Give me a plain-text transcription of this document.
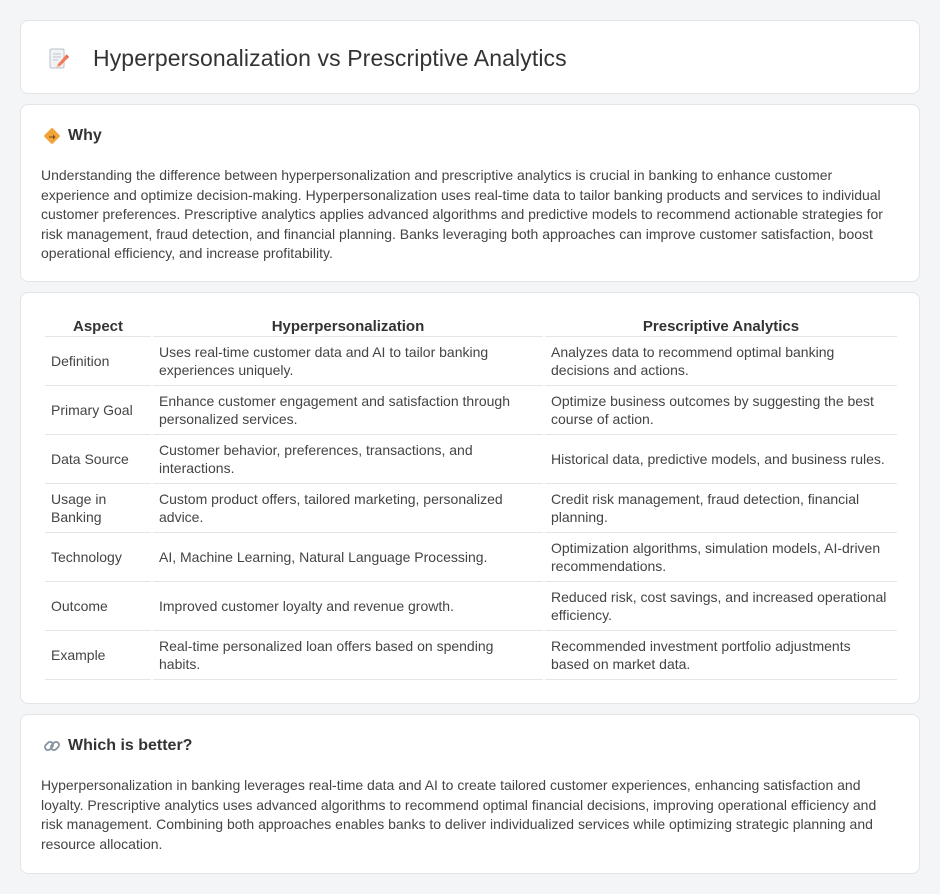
Hyperpersonalization vs Prescriptive Analytics
Why

Understanding the difference between hyperpersonalization and prescriptive analytics is crucial in banking to enhance customer experience and optimize decision-making. Hyperpersonalization uses real-time data to tailor banking products and services to individual customer preferences. Prescriptive analytics applies advanced algorithms and predictive models to recommend actionable strategies for risk management, fraud detection, and financial planning. Banks leveraging both approaches can improve customer satisfaction, boost operational efficiency, and increase profitability.

Aspect	Hyperpersonalization	Prescriptive Analytics
Definition	Uses real-time customer data and AI to tailor banking experiences uniquely.	Analyzes data to recommend optimal banking decisions and actions.
Primary Goal	Enhance customer engagement and satisfaction through personalized services.	Optimize business outcomes by suggesting the best course of action.
Data Source	Customer behavior, preferences, transactions, and interactions.	Historical data, predictive models, and business rules.
Usage in Banking	Custom product offers, tailored marketing, personalized advice.	Credit risk management, fraud detection, financial planning.
Technology	AI, Machine Learning, Natural Language Processing.	Optimization algorithms, simulation models, AI-driven recommendations.
Outcome	Improved customer loyalty and revenue growth.	Reduced risk, cost savings, and increased operational efficiency.
Example	Real-time personalized loan offers based on spending habits.	Recommended investment portfolio adjustments based on market data.
Which is better?

Hyperpersonalization in banking leverages real-time data and AI to create tailored customer experiences, enhancing satisfaction and loyalty. Prescriptive analytics uses advanced algorithms to recommend optimal financial decisions, improving operational efficiency and risk management. Combining both approaches enables banks to deliver individualized services while optimizing strategic planning and resource allocation.
